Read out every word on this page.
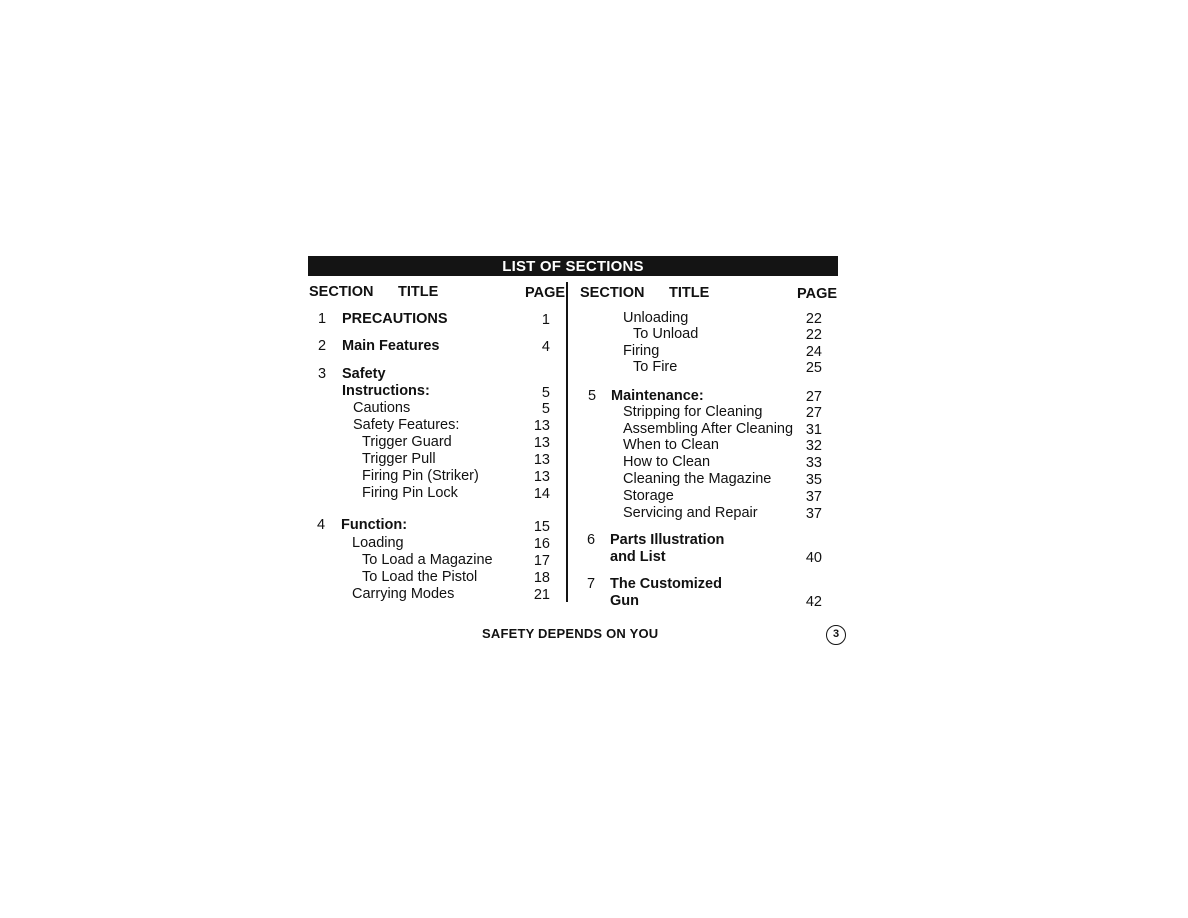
LIST OF SECTIONS
SECTION TITLE	PAGE SECTION TITLE	PAGE
1 PRECAUTIONS	1
2 Main Features	4
3 Safety
Instructions:	5
Cautions	5
Safety Features:	13
Trigger Guard	13
Trigger Pull	13
Firing Pin (Striker)	13
Firing Pin Lock	14
4 Function:	15
Loading	16
To Load a Magazine	17
To Load the Pistol	18
Carrying Modes	21
Unloading	22
To Unload	22
Firing	24
To Fire	25
5 Maintenance:	27
Stripping for Cleaning	27
Assembling After Cleaning 31
When to Clean	32
How to Clean	33
Cleaning the Magazine	35
Storage	37
Servicing and Repair	37
6 Parts Illustration
and List	40
7 The Customized
Gun	42
SAFETY DEPENDS ON YOU	3
